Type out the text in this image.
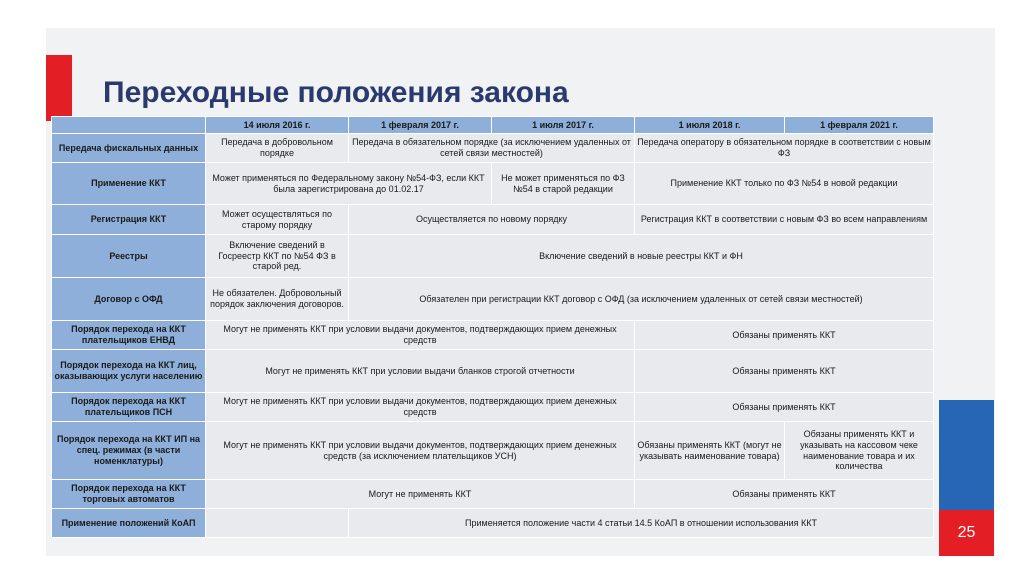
Переходные положения закона
	14 июля 2016 г.	1 февраля 2017 г.	1 июля 2017 г.	1 июля 2018 г.	1 февраля 2021 г.
Передача фискальных данных	Передача в добровольном порядке	Передача в обязательном порядке (за исключением удаленных от сетей связи местностей)		Передача оператору в обязательном порядке в соответствии с новым ФЗ	
Применение ККТ	Может применяться по Федеральному закону №54-ФЗ, если ККТ была зарегистрирована до 01.02.17		Не может применяться по ФЗ №54 в старой редакции	Применение ККТ только по ФЗ №54 в новой редакции	
Регистрация ККТ	Может осуществляться по старому порядку	Осуществляется по новому порядку		Регистрация ККТ в соответствии с новым ФЗ во всем направлениям	
Реестры	Включение сведений в Госреестр ККТ по №54 ФЗ в старой ред.	Включение сведений в новые реестры ККТ и ФН			
Договор с ОФД	Не обязателен. Добровольный порядок заключения договоров.	Обязателен при регистрации ККТ договор с ОФД (за исключением удаленных от сетей связи местностей)			
Порядок перехода на ККТ плательщиков ЕНВД	Могут не применять ККТ при условии выдачи документов, подтверждающих прием денежных средств			Обязаны применять ККТ	
Порядок перехода на ККТ лиц, оказывающих услуги населению	Могут не применять ККТ при условии выдачи бланков строгой отчетности			Обязаны применять ККТ	
Порядок перехода на ККТ плательщиков ПСН	Могут не применять ККТ при условии выдачи документов, подтверждающих прием денежных средств			Обязаны применять ККТ	
Порядок перехода на ККТ ИП на спец. режимах (в части номенклатуры)	Могут не применять ККТ при условии выдачи документов, подтверждающих прием денежных средств (за исключением плательщиков УСН)			Обязаны применять ККТ (могут не указывать наименование товара)	Обязаны применять ККТ и указывать на кассовом чеке наименование товара и их количества
Порядок перехода на ККТ торговых автоматов	Могут не применять ККТ			Обязаны применять ККТ	
Применение положений КоАП		Применяется положение части 4 статьи 14.5 КоАП в отношении использования ККТ			
25
